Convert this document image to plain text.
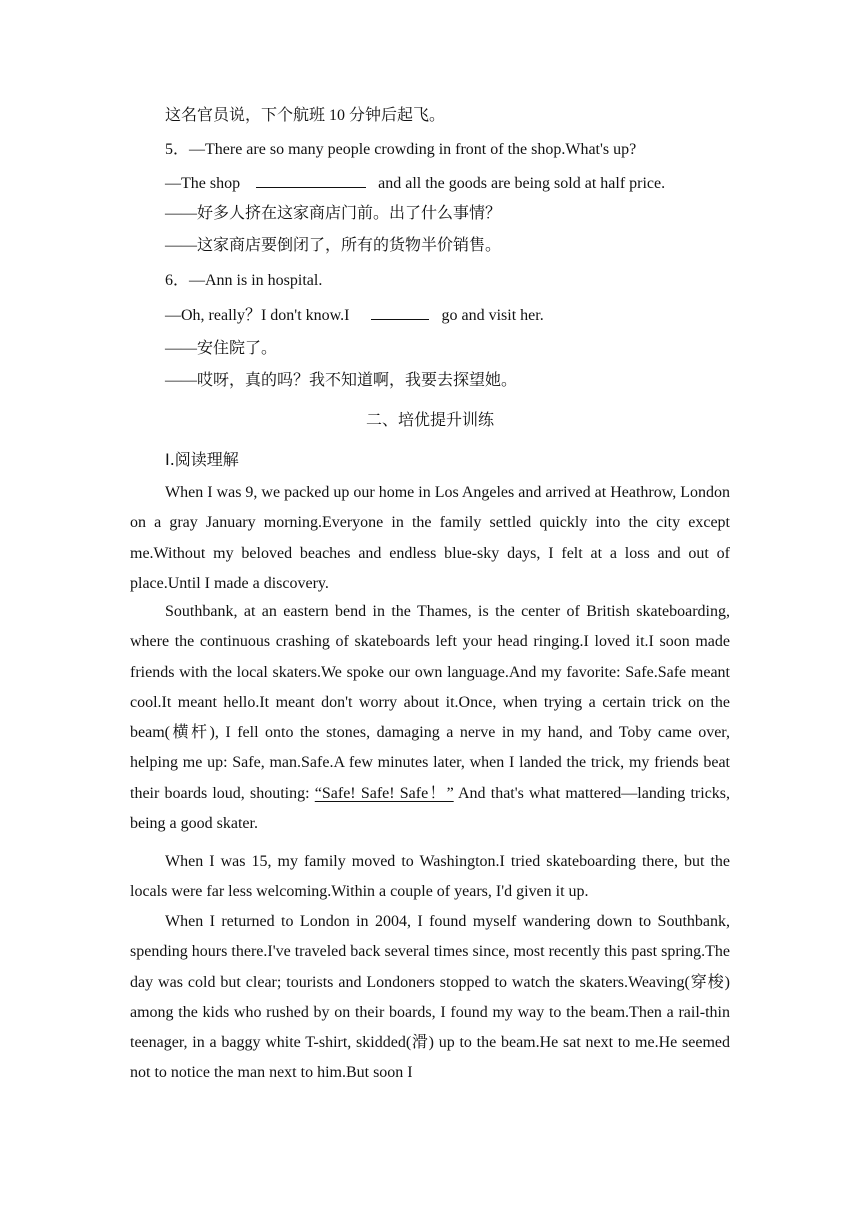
这名官员说，下个航班 10 分钟后起飞。
5．—There are so many people crowding in front of the shop.What's up?
—The shop	and all the goods are being sold at half price.
——好多人挤在这家商店门前。出了什么事情？
——这家商店要倒闭了，所有的货物半价销售。
6．—Ann is in hospital.
—Oh, really？I don't know.I	go and visit her.
——安住院了。
——哎呀，真的吗？我不知道啊，我要去探望她。
二、培优提升训练
Ⅰ.阅读理解

When I was 9, we packed up our home in Los Angeles and arrived at Heathrow, London on a gray January morning.Everyone in the family settled quickly into the city except me.Without my beloved beaches and endless blue-sky days, I felt at a loss and out of place.Until I made a discovery.

Southbank, at an eastern bend in the Thames, is the center of British skateboarding, where the continuous crashing of skateboards left your head ringing.I loved it.I soon made friends with the local skaters.We spoke our own language.And my favorite: Safe.Safe meant cool.It meant hello.It meant don't worry about it.Once, when trying a certain trick on the beam(横杆), I fell onto the stones, damaging a nerve in my hand, and Toby came over, helping me up: Safe, man.Safe.A few minutes later, when I landed the trick, my friends beat their boards loud, shouting: “Safe! Safe! Safe！” And that's what mattered—landing tricks, being a good skater.

When I was 15, my family moved to Washington.I tried skateboarding there, but the locals were far less welcoming.Within a couple of years, I'd given it up.

When I returned to London in 2004, I found myself wandering down to Southbank, spending hours there.I've traveled back several times since, most recently this past spring.The day was cold but clear; tourists and Londoners stopped to watch the skaters.Weaving(穿梭) among the kids who rushed by on their boards, I found my way to the beam.Then a rail-thin teenager, in a baggy white T-shirt, skidded(滑) up to the beam.He sat next to me.He seemed not to notice the man next to him.But soon I
